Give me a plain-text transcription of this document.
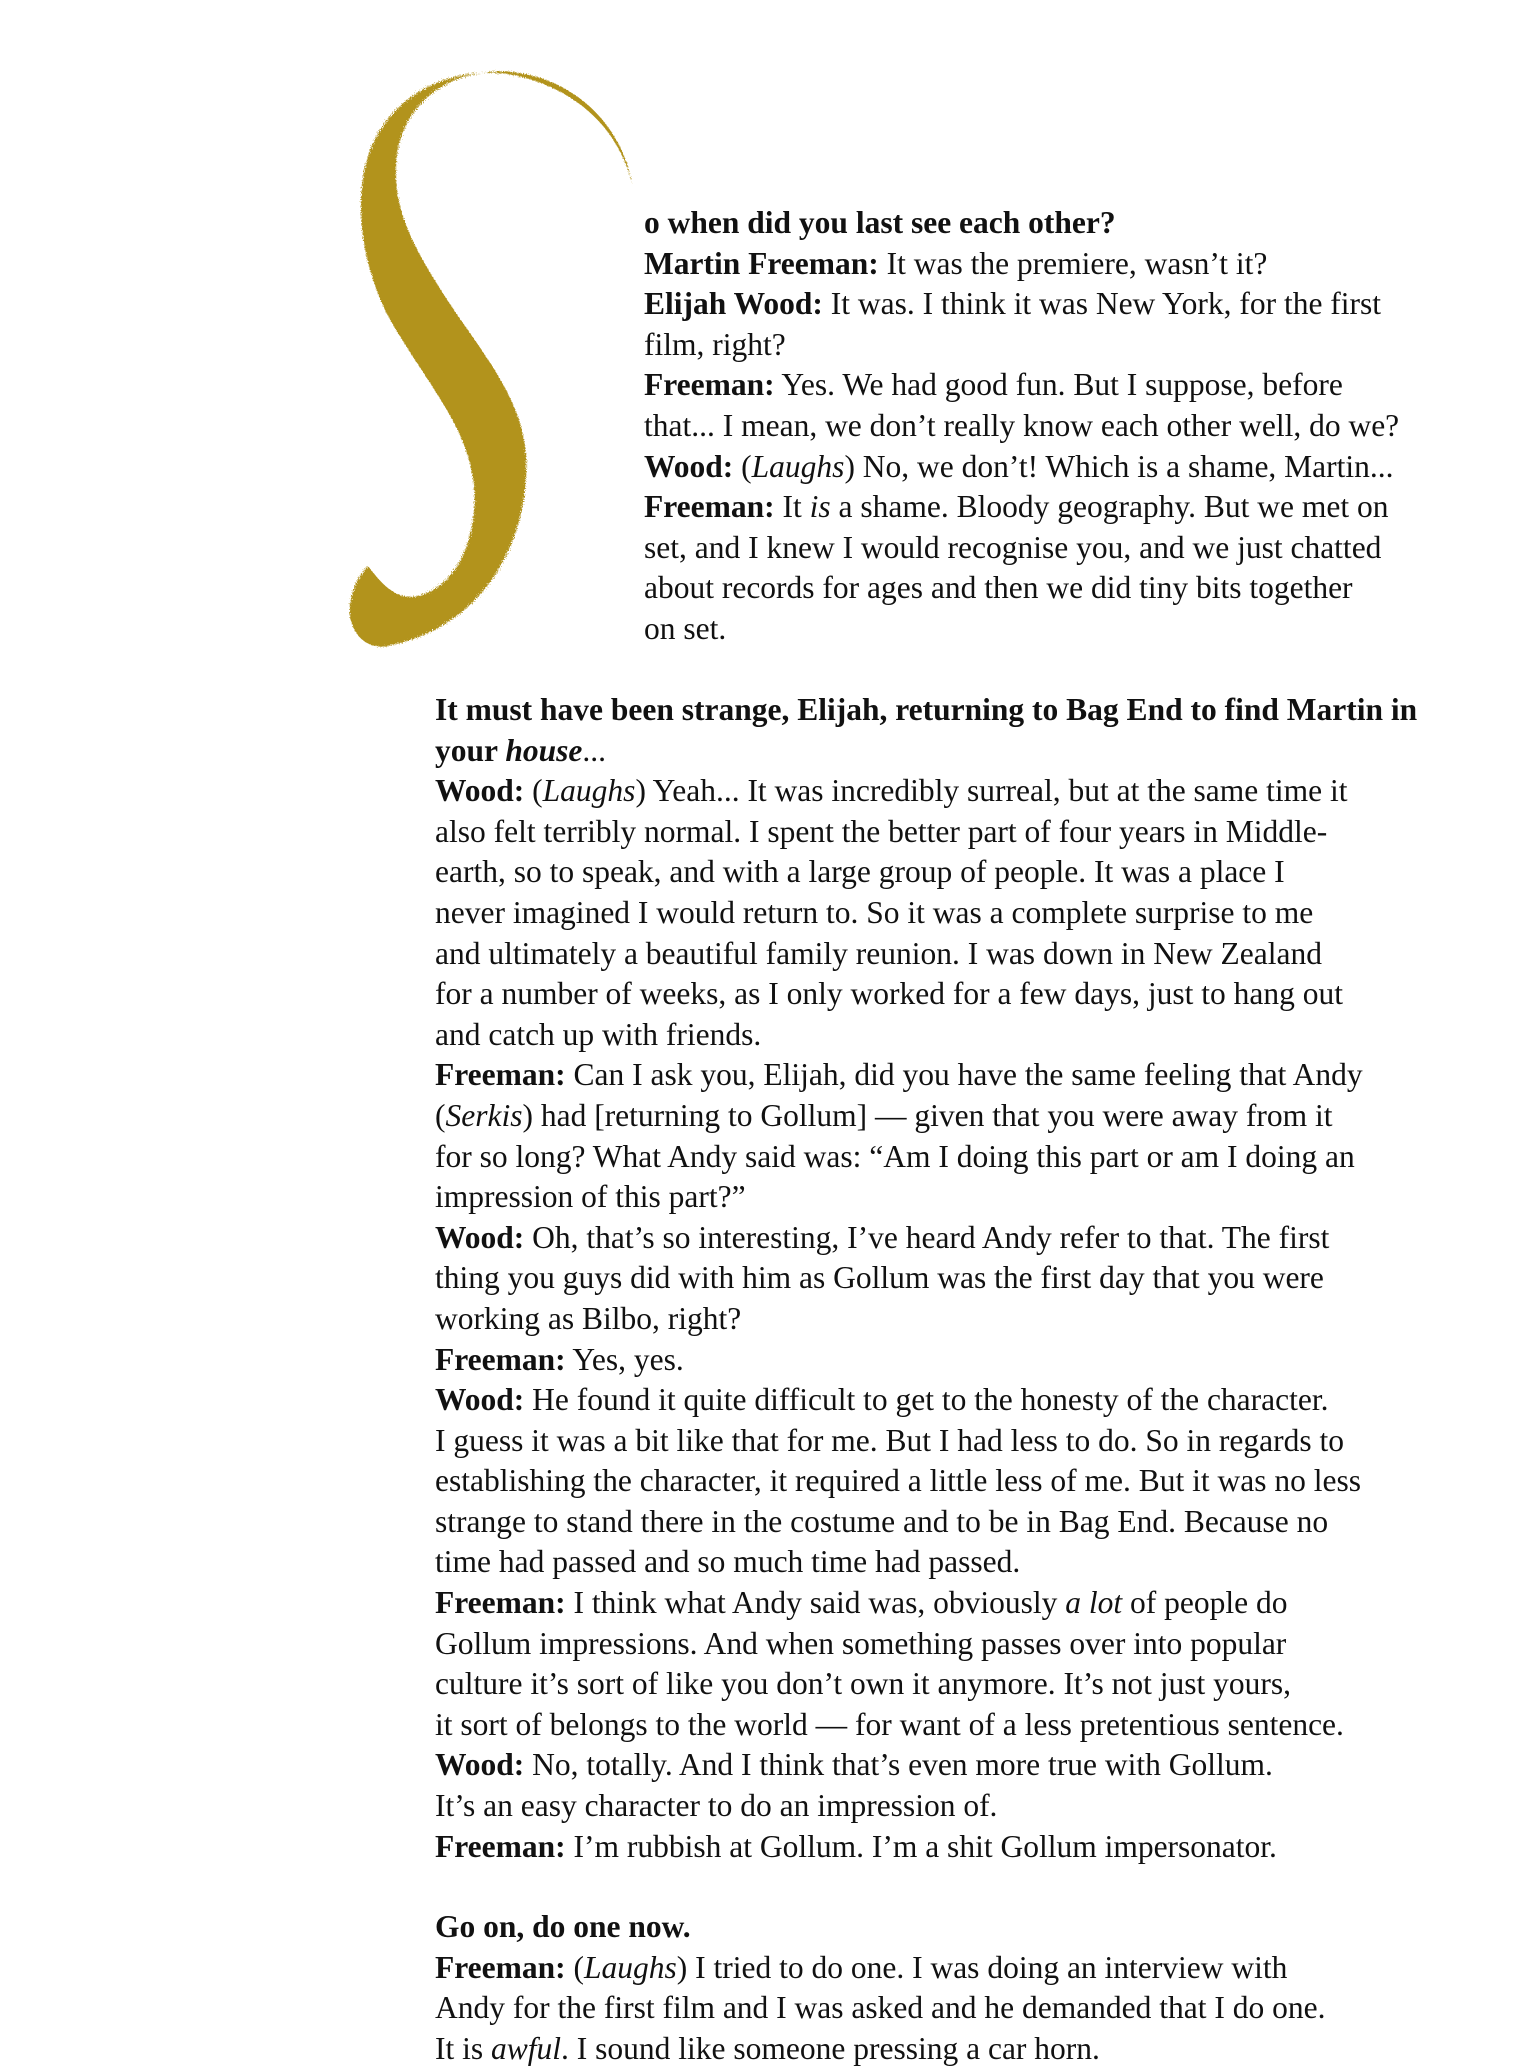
o when did you last see each other?

Martin Freeman: It was the premiere, wasn’t it?

Elijah Wood: It was. I think it was New York, for the first
film, right?

Freeman: Yes. We had good fun. But I suppose, before
that... I mean, we don’t really know each other well, do we?

Wood: (Laughs) No, we don’t! Which is a shame, Martin...

Freeman: It is a shame. Bloody geography. But we met on
set, and I knew I would recognise you, and we just chatted
about records for ages and then we did tiny bits together
on set.

It must have been strange, Elijah, returning to Bag End to find Martin in
your house...

Wood: (Laughs) Yeah... It was incredibly surreal, but at the same time it
also felt terribly normal. I spent the better part of four years in Middle-
earth, so to speak, and with a large group of people. It was a place I
never imagined I would return to. So it was a complete surprise to me
and ultimately a beautiful family reunion. I was down in New Zealand
for a number of weeks, as I only worked for a few days, just to hang out
and catch up with friends.

Freeman: Can I ask you, Elijah, did you have the same feeling that Andy
(Serkis) had [returning to Gollum] — given that you were away from it
for so long? What Andy said was: “Am I doing this part or am I doing an
impression of this part?”

Wood: Oh, that’s so interesting, I’ve heard Andy refer to that. The first
thing you guys did with him as Gollum was the first day that you were
working as Bilbo, right?

Freeman: Yes, yes.

Wood: He found it quite difficult to get to the honesty of the character.
I guess it was a bit like that for me. But I had less to do. So in regards to
establishing the character, it required a little less of me. But it was no less
strange to stand there in the costume and to be in Bag End. Because no
time had passed and so much time had passed.

Freeman: I think what Andy said was, obviously a lot of people do
Gollum impressions. And when something passes over into popular
culture it’s sort of like you don’t own it anymore. It’s not just yours,
it sort of belongs to the world — for want of a less pretentious sentence.

Wood: No, totally. And I think that’s even more true with Gollum.
It’s an easy character to do an impression of.

Freeman: I’m rubbish at Gollum. I’m a shit Gollum impersonator.

Go on, do one now.

Freeman: (Laughs) I tried to do one. I was doing an interview with
Andy for the first film and I was asked and he demanded that I do one.
It is awful. I sound like someone pressing a car horn.
